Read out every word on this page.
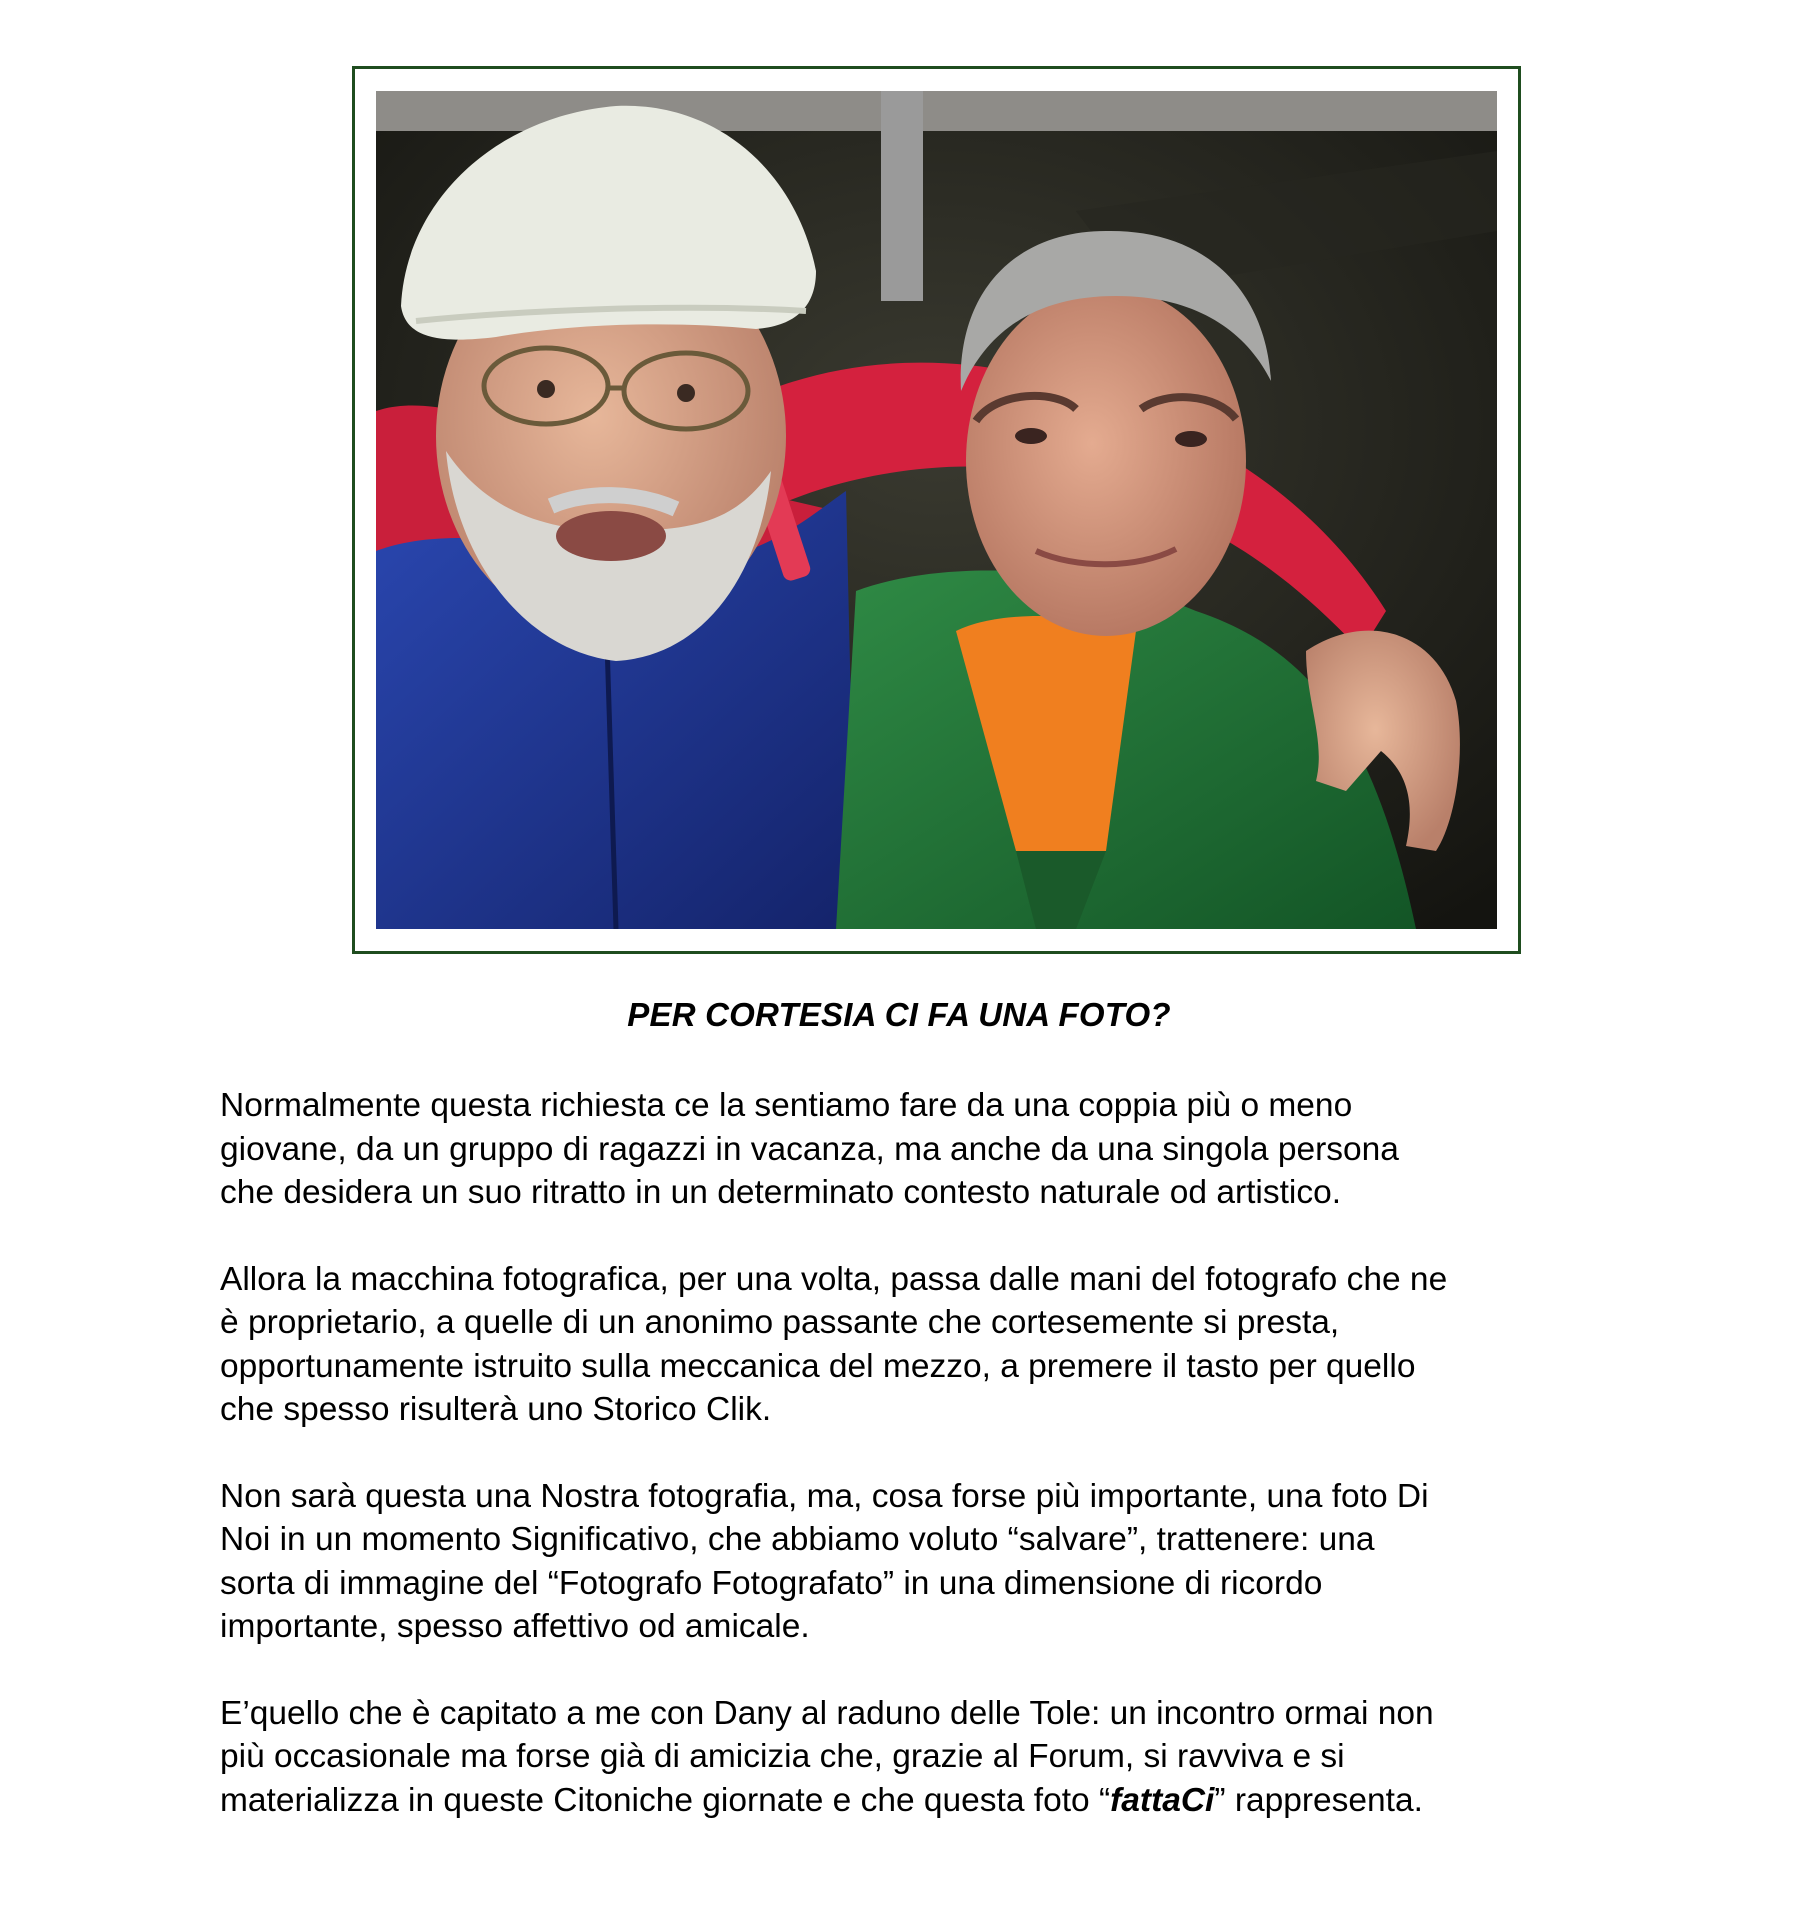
PER CORTESIA CI FA UNA FOTO?

Normalmente questa richiesta ce la sentiamo fare da una coppia più o meno
giovane, da un gruppo di ragazzi in vacanza, ma anche da una singola persona
che desidera un suo ritratto in un determinato contesto naturale od artistico.

Allora la macchina fotografica, per una volta, passa dalle mani del fotografo che ne
è proprietario, a quelle di un anonimo passante che cortesemente si presta,
opportunamente istruito sulla meccanica del mezzo, a premere il tasto per quello
che spesso risulterà uno Storico Clik.

Non sarà questa una Nostra fotografia, ma, cosa forse più importante, una foto Di
Noi in un momento Significativo, che abbiamo voluto “salvare”, trattenere: una
sorta di immagine del “Fotografo Fotografato” in una dimensione di ricordo
importante, spesso affettivo od amicale.

E’quello che è capitato a me con Dany al raduno delle Tole: un incontro ormai non
più occasionale ma forse già di amicizia che, grazie al Forum, si ravviva e si
materializza in queste Citoniche giornate e che questa foto “fattaCi” rappresenta.
